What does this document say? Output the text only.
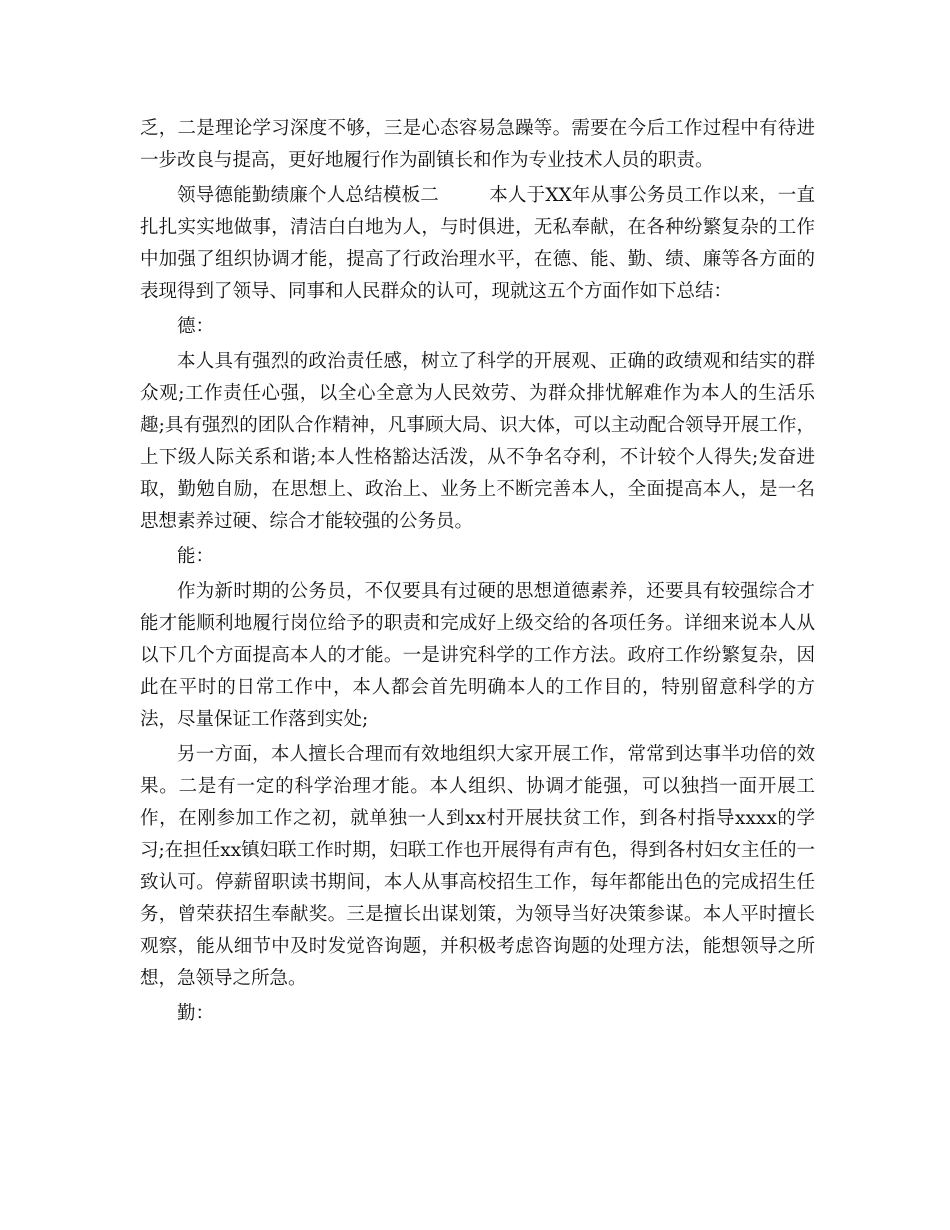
乏，二是理论学习深度不够，三是心态容易急躁等。需要在今后工作过程中有待进一步改良与提高，更好地履行作为副镇长和作为专业技术人员的职责。

领导德能勤绩廉个人总结模板二	本人于XX年从事公务员工作以来，一直扎扎实实地做事，清洁白白地为人，与时俱进，无私奉献，在各种纷繁复杂的工作中加强了组织协调才能，提高了行政治理水平，在德、能、勤、绩、廉等各方面的表现得到了领导、同事和人民群众的认可，现就这五个方面作如下总结：

德：

本人具有强烈的政治责任感，树立了科学的开展观、正确的政绩观和结实的群众观;工作责任心强，以全心全意为人民效劳、为群众排忧解难作为本人的生活乐趣;具有强烈的团队合作精神，凡事顾大局、识大体，可以主动配合领导开展工作，上下级人际关系和谐;本人性格豁达活泼，从不争名夺利，不计较个人得失;发奋进取，勤勉自励，在思想上、政治上、业务上不断完善本人，全面提高本人，是一名思想素养过硬、综合才能较强的公务员。

能：

作为新时期的公务员，不仅要具有过硬的思想道德素养，还要具有较强综合才能才能顺利地履行岗位给予的职责和完成好上级交给的各项任务。详细来说本人从以下几个方面提高本人的才能。一是讲究科学的工作方法。政府工作纷繁复杂，因此在平时的日常工作中，本人都会首先明确本人的工作目的，特别留意科学的方法，尽量保证工作落到实处;

另一方面，本人擅长合理而有效地组织大家开展工作，常常到达事半功倍的效果。二是有一定的科学治理才能。本人组织、协调才能强，可以独挡一面开展工作，在刚参加工作之初，就单独一人到xx村开展扶贫工作，到各村指导xxxx的学习;在担任xx镇妇联工作时期，妇联工作也开展得有声有色，得到各村妇女主任的一致认可。停薪留职读书期间，本人从事高校招生工作，每年都能出色的完成招生任务，曾荣获招生奉献奖。三是擅长出谋划策，为领导当好决策参谋。本人平时擅长观察，能从细节中及时发觉咨询题，并积极考虑咨询题的处理方法，能想领导之所想，急领导之所急。

勤：
